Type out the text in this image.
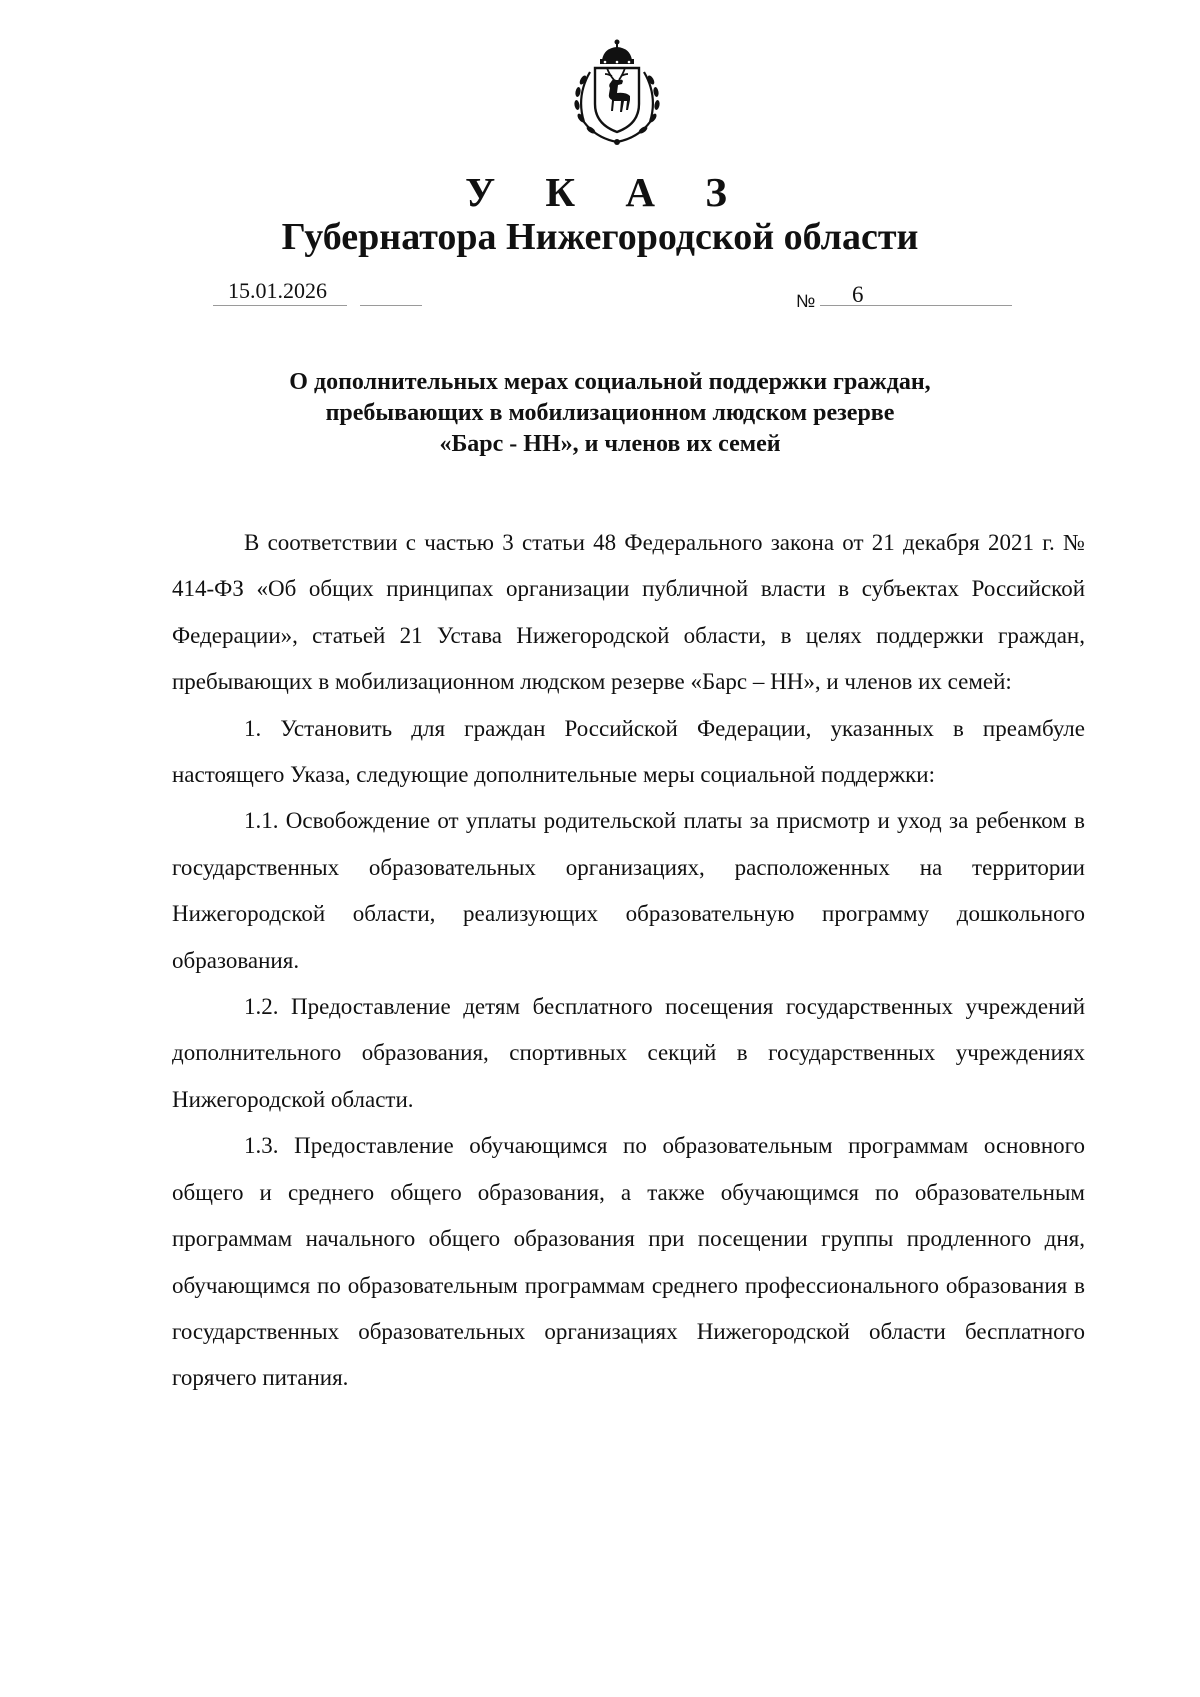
У К А З
Губернатора Нижегородской области
15.01.2026	№ 6
О дополнительных мерах социальной поддержки граждан,
пребывающих в мобилизационном людском резерве
«Барс - НН», и членов их семей

В соответствии с частью 3 статьи 48 Федерального закона от 21 декабря 2021 г. № 414-ФЗ «Об общих принципах организации публичной власти в субъектах Российской Федерации», статьей 21 Устава Нижегородской области, в целях поддержки граждан, пребывающих в мобилизационном людском резерве «Барс – НН», и членов их семей:

1. Установить для граждан Российской Федерации, указанных в преамбуле настоящего Указа, следующие дополнительные меры социальной поддержки:

1.1. Освобождение от уплаты родительской платы за присмотр и уход за ребенком в государственных образовательных организациях, расположенных на территории Нижегородской области, реализующих образовательную программу дошкольного образования.

1.2. Предоставление детям бесплатного посещения государственных учреждений дополнительного образования, спортивных секций в государственных учреждениях Нижегородской области.

1.3. Предоставление обучающимся по образовательным программам основного общего и среднего общего образования, а также обучающимся по образовательным программам начального общего образования при посещении группы продленного дня, обучающимся по образовательным программам среднего профессионального образования в государственных образовательных организациях Нижегородской области бесплатного горячего питания.
